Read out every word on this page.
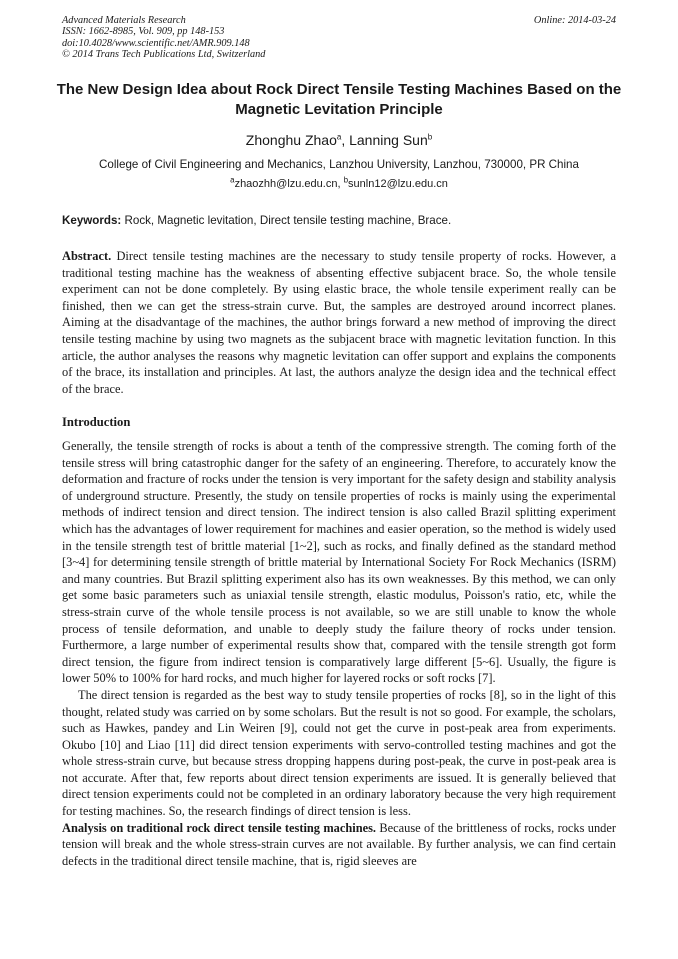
Advanced Materials Research
ISSN: 1662-8985, Vol. 909, pp 148-153
doi:10.4028/www.scientific.net/AMR.909.148
© 2014 Trans Tech Publications Ltd, Switzerland
Online: 2014-03-24
The New Design Idea about Rock Direct Tensile Testing Machines Based on the Magnetic Levitation Principle
Zhonghu Zhao$^a$, Lanning Sun$^b$
College of Civil Engineering and Mechanics, Lanzhou University, Lanzhou, 730000, PR China
$^a$zhaozhh@lzu.edu.cn, $^b$sunln12@lzu.edu.cn
Keywords: Rock, Magnetic levitation, Direct tensile testing machine, Brace.

Abstract. Direct tensile testing machines are the necessary to study tensile property of rocks. However, a traditional testing machine has the weakness of absenting effective subjacent brace. So, the whole tensile experiment can not be done completely. By using elastic brace, the whole tensile experiment really can be finished, then we can get the stress-strain curve. But, the samples are destroyed around incorrect planes. Aiming at the disadvantage of the machines, the author brings forward a new method of improving the direct tensile testing machine by using two magnets as the subjacent brace with magnetic levitation function. In this article, the author analyses the reasons why magnetic levitation can offer support and explains the components of the brace, its installation and principles. At last, the authors analyze the design idea and the technical effect of the brace.

Introduction

Generally, the tensile strength of rocks is about a tenth of the compressive strength. The coming forth of the tensile stress will bring catastrophic danger for the safety of an engineering. Therefore, to accurately know the deformation and fracture of rocks under the tension is very important for the safety design and stability analysis of underground structure. Presently, the study on tensile properties of rocks is mainly using the experimental methods of indirect tension and direct tension. The indirect tension is also called Brazil splitting experiment which has the advantages of lower requirement for machines and easier operation, so the method is widely used in the tensile strength test of brittle material [1~2], such as rocks, and finally defined as the standard method [3~4] for determining tensile strength of brittle material by International Society For Rock Mechanics (ISRM) and many countries. But Brazil splitting experiment also has its own weaknesses. By this method, we can only get some basic parameters such as uniaxial tensile strength, elastic modulus, Poisson's ratio, etc, while the stress-strain curve of the whole tensile process is not available, so we are still unable to know the whole process of tensile deformation, and unable to deeply study the failure theory of rocks under tension. Furthermore, a large number of experimental results show that, compared with the tensile strength got form direct tension, the figure from indirect tension is comparatively large different [5~6]. Usually, the figure is lower 50% to 100% for hard rocks, and much higher for layered rocks or soft rocks [7].

The direct tension is regarded as the best way to study tensile properties of rocks [8], so in the light of this thought, related study was carried on by some scholars. But the result is not so good. For example, the scholars, such as Hawkes, pandey and Lin Weiren [9], could not get the curve in post-peak area from experiments. Okubo [10] and Liao [11] did direct tension experiments with servo-controlled testing machines and got the whole stress-strain curve, but because stress dropping happens during post-peak, the curve in post-peak area is not accurate. After that, few reports about direct tension experiments are issued. It is generally believed that direct tension experiments could not be completed in an ordinary laboratory because the very high requirement for testing machines. So, the research findings of direct tension is less.

Analysis on traditional rock direct tensile testing machines. Because of the brittleness of rocks, rocks under tension will break and the whole stress-strain curves are not available. By further analysis, we can find certain defects in the traditional direct tensile machine, that is, rigid sleeves are
